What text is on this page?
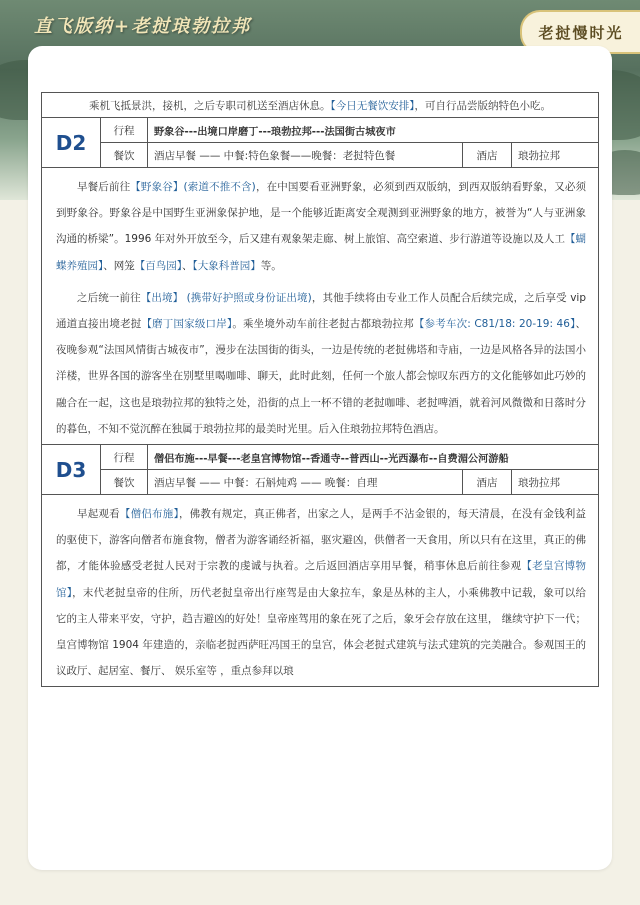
直飞版纳+老挝琅勃拉邦	老挝慢时光
乘机飞抵景洪，接机，之后专职司机送至酒店休息。【今日无餐饮安排】，可自行品尝版纳特色小吃。				
D2	行程	野象谷---出境口岸磨丁---琅勃拉邦---法国街古城夜市		
	餐饮	酒店早餐 —— 中餐:特色象餐——晚餐：老挝特色餐	酒店	琅勃拉邦

早餐后前往【野象谷】(索道不推不含)，在中国要看亚洲野象，必须到西双版纳，到西双版纳看野象，又必须到野象谷。野象谷是中国野生亚洲象保护地，是一个能够近距离安全观测到亚洲野象的地方，被誉为“人与亚洲象沟通的桥梁”。1996 年对外开放至今，后又建有观象架走廊、树上旅馆、高空索道、步行游道等设施以及人工【蝴蝶养殖园】、网笼【百鸟园】、【大象科普园】等。

之后统一前往【出境】 (携带好护照或身份证出境)，其他手续将由专业工作人员配合后续完成，之后享受 vip 通道直接出境老挝【磨丁国家级口岸】。乘坐境外动车前往老挝古都琅勃拉邦【参考车次: C81/18: 20-19: 46】、夜晚参观“法国风情街古城夜市”，漫步在法国街的街头，一边是传统的老挝佛塔和寺庙，一边是风格各异的法国小洋楼，世界各国的游客坐在别墅里喝咖啡、聊天，此时此刻，任何一个旅人都会惊叹东西方的文化能够如此巧妙的融合在一起，这也是琅勃拉邦的独特之处，沿街的点上一杯不错的老挝咖啡、老挝啤酒，就着河风微微和日落时分的暮色，不知不觉沉醉在独属于琅勃拉邦的最美时光里。后入住琅勃拉邦特色酒店。				

D3	行程	僧侣布施---早餐---老皇宫博物馆--香通寺--普西山--光西瀑布--自费湄公河游船		
	餐饮	酒店早餐 —— 中餐：石斛炖鸡 —— 晚餐：自理	酒店	琅勃拉邦

早起观看【僧侣布施】，佛教有规定，真正佛者，出家之人，是两手不沾金银的，每天清晨，在没有金钱利益的驱使下，游客向僧者布施食物，僧者为游客诵经祈福，驱灾避凶，供僧者一天食用，所以只有在这里，真正的佛都，才能体验感受老挝人民对于宗教的虔诚与执着。之后返回酒店享用早餐，稍事休息后前往参观【老皇宫博物馆】，末代老挝皇帝的住所，历代老挝皇帝出行座驾是由大象拉车，象是丛林的主人，小乘佛教中记载，象可以给它的主人带来平安，守护，趋吉避凶的好处！皇帝座驾用的象在死了之后，象牙会存放在这里， 继续守护下一代；皇宫博物馆 1904 年建造的，亲临老挝西萨旺冯国王的皇宫，体会老挝式建筑与法式建筑的完美融合。参观国王的议政厅、起居室、餐厅、 娱乐室等 ，重点参拜以琅				
